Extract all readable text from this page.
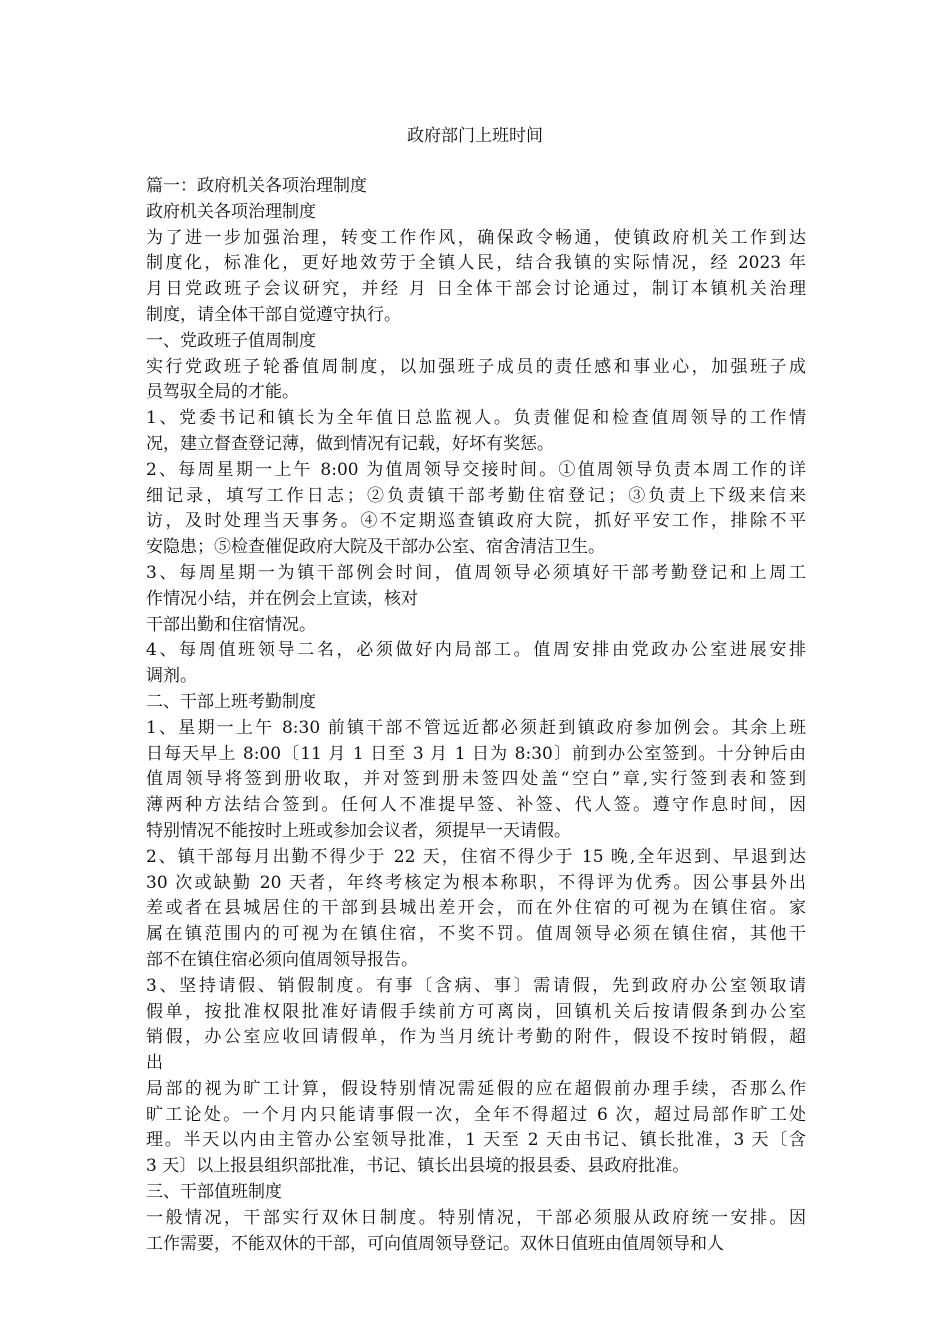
政府部门上班时间
篇一：政府机关各项治理制度
政府机关各项治理制度
为了进一步加强治理，转变工作作风，确保政令畅通，使镇政府机关工作到达
制度化，标准化，更好地效劳于全镇人民，结合我镇的实际情况，经 2023 年
月日党政班子会议研究，并经 月 日全体干部会讨论通过，制订本镇机关治理
制度，请全体干部自觉遵守执行。
一、党政班子值周制度
实行党政班子轮番值周制度，以加强班子成员的责任感和事业心，加强班子成
员驾驭全局的才能。
1、党委书记和镇长为全年值日总监视人。负责催促和检查值周领导的工作情
况，建立督查登记薄，做到情况有记载，好坏有奖惩。
2、每周星期一上午 8:00 为值周领导交接时间。①值周领导负责本周工作的详
细记录，填写工作日志；②负责镇干部考勤住宿登记；③负责上下级来信来
访，及时处理当天事务。④不定期巡查镇政府大院，抓好平安工作，排除不平
安隐患；⑤检查催促政府大院及干部办公室、宿舍清洁卫生。
3、每周星期一为镇干部例会时间，值周领导必须填好干部考勤登记和上周工
作情况小结，并在例会上宣读，核对
干部出勤和住宿情况。
4、每周值班领导二名，必须做好内局部工。值周安排由党政办公室进展安排
调剂。
二、干部上班考勤制度
1、星期一上午 8:30 前镇干部不管远近都必须赶到镇政府参加例会。其余上班
日每天早上 8:00〔11 月 1 日至 3 月 1 日为 8:30〕前到办公室签到。十分钟后由
值周领导将签到册收取，并对签到册未签四处盖“空白”章,实行签到表和签到
薄两种方法结合签到。任何人不准提早签、补签、代人签。遵守作息时间，因
特别情况不能按时上班或参加会议者，须提早一天请假。
2、镇干部每月出勤不得少于 22 天，住宿不得少于 15 晚,全年迟到、早退到达
30 次或缺勤 20 天者，年终考核定为根本称职，不得评为优秀。因公事县外出
差或者在县城居住的干部到县城出差开会，而在外住宿的可视为在镇住宿。家
属在镇范围内的可视为在镇住宿，不奖不罚。值周领导必须在镇住宿，其他干
部不在镇住宿必须向值周领导报告。
3、坚持请假、销假制度。有事〔含病、事〕需请假，先到政府办公室领取请
假单，按批准权限批准好请假手续前方可离岗，回镇机关后按请假条到办公室
销假，办公室应收回请假单，作为当月统计考勤的附件，假设不按时销假，超
出
局部的视为旷工计算，假设特别情况需延假的应在超假前办理手续，否那么作
旷工论处。一个月内只能请事假一次，全年不得超过 6 次，超过局部作旷工处
理。半天以内由主管办公室领导批准，1 天至 2 天由书记、镇长批准，3 天〔含
3 天〕以上报县组织部批准，书记、镇长出县境的报县委、县政府批准。
三、干部值班制度
一般情况，干部实行双休日制度。特别情况，干部必须服从政府统一安排。因
工作需要，不能双休的干部，可向值周领导登记。双休日值班由值周领导和人
